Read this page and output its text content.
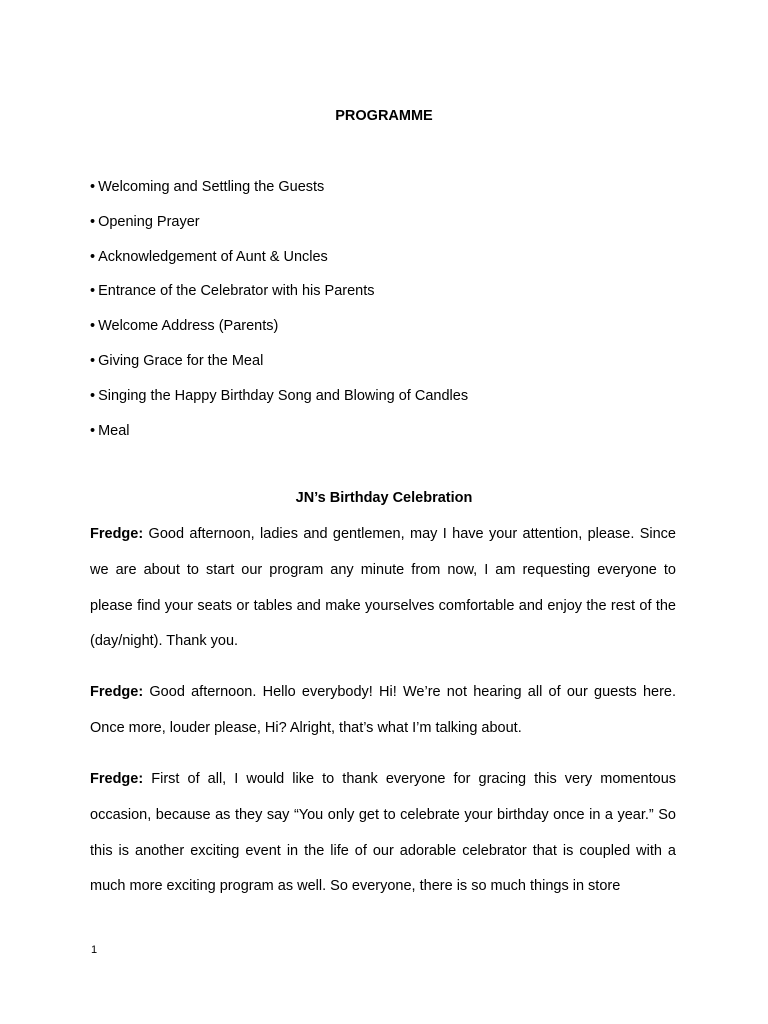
PROGRAMME
• Welcoming and Settling the Guests
• Opening Prayer
• Acknowledgement of Aunt & Uncles
• Entrance of the Celebrator with his Parents
• Welcome Address (Parents)
• Giving Grace for the Meal
• Singing the Happy Birthday Song and Blowing of Candles
• Meal
JN’s Birthday Celebration

Fredge: Good afternoon, ladies and gentlemen, may I have your attention, please. Since we are about to start our program any minute from now, I am requesting everyone to please find your seats or tables and make yourselves comfortable and enjoy the rest of the (day/night). Thank you.

Fredge: Good afternoon. Hello everybody! Hi! We’re not hearing all of our guests here. Once more, louder please, Hi? Alright, that’s what I’m talking about.

Fredge: First of all, I would like to thank everyone for gracing this very momentous occasion, because as they say “You only get to celebrate your birthday once in a year.” So this is another exciting event in the life of our adorable celebrator that is coupled with a much more exciting program as well. So everyone, there is so much things in store

1
